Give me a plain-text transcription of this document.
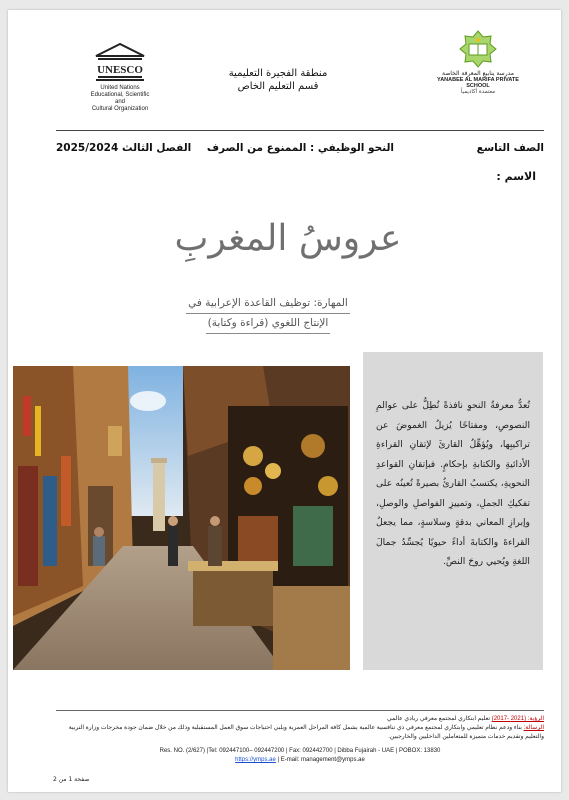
UNESCO
United Nations
Educational, Scientific and
Cultural Organization
منطقة الفجيرة التعليمية
قسم التعليم الخاص
مدرسة ينابيع المعرفة الخاصة
YANABEE AL MARIFA PRIVATE SCHOOL
معتمدة أكاديمياً
الصف التاسع
النحو الوظيفي : الممنوع من الصرف
الفصل الثالث 2025/2024
الاسم :
عروسُ المغربِ
المهارة: توظيف القاعدة الإعرابية في
الإنتاج اللغوي (قراءة وكتابة)

تُعدُّ معرفةُ النحوِ نافذةً تُطِلُّ على عوالمِ النصوصِ، ومفتاحًا يُزيلُ الغموضَ عن تراكيبِها، ويُؤهِّلُ القارئَ لإتقانِ القراءةِ الأدائيةِ والكتابةِ بإحكامٍ. فبإتقانِ القواعدِ النحويةِ، يكتسبُ القارئُ بصيرةً تُعينُه على تفكيكِ الجملِ، وتمييزِ الفواصلِ والوصلِ، وإبرازِ المعاني بدقةٍ وسلاسةٍ، مما يجعلُ القراءةَ والكتابةَ أداءً حيويًا يُجسِّدُ جمالَ اللغةِ ويُحيي روحَ النصِّ.

الرؤية: (2021 -2017) تعليم ابتكاري لمجتمع معرفي ريادي عالمي
الرسالة: بناء ودعم نظام تعليمي وابتكاري لمجتمع معرفي ذي تنافسية عالمية يشمل كافة المراحل العمرية ويلبي احتياجات سوق العمل المستقبلية وذلك من خلال ضمان جودة مخرجات وزارة التربية والتعليم وتقديم خدمات متميزة للمتعاملين الداخليين والخارجيين.
Res. NO. (2/627) |Tel: 092447100– 092447200 | Fax: 092442700 | Dibba Fujairah - UAE | POBOX: 13830
https://ymps.ae | E-mail: management@ymps.ae
صفحة 1 من 2
